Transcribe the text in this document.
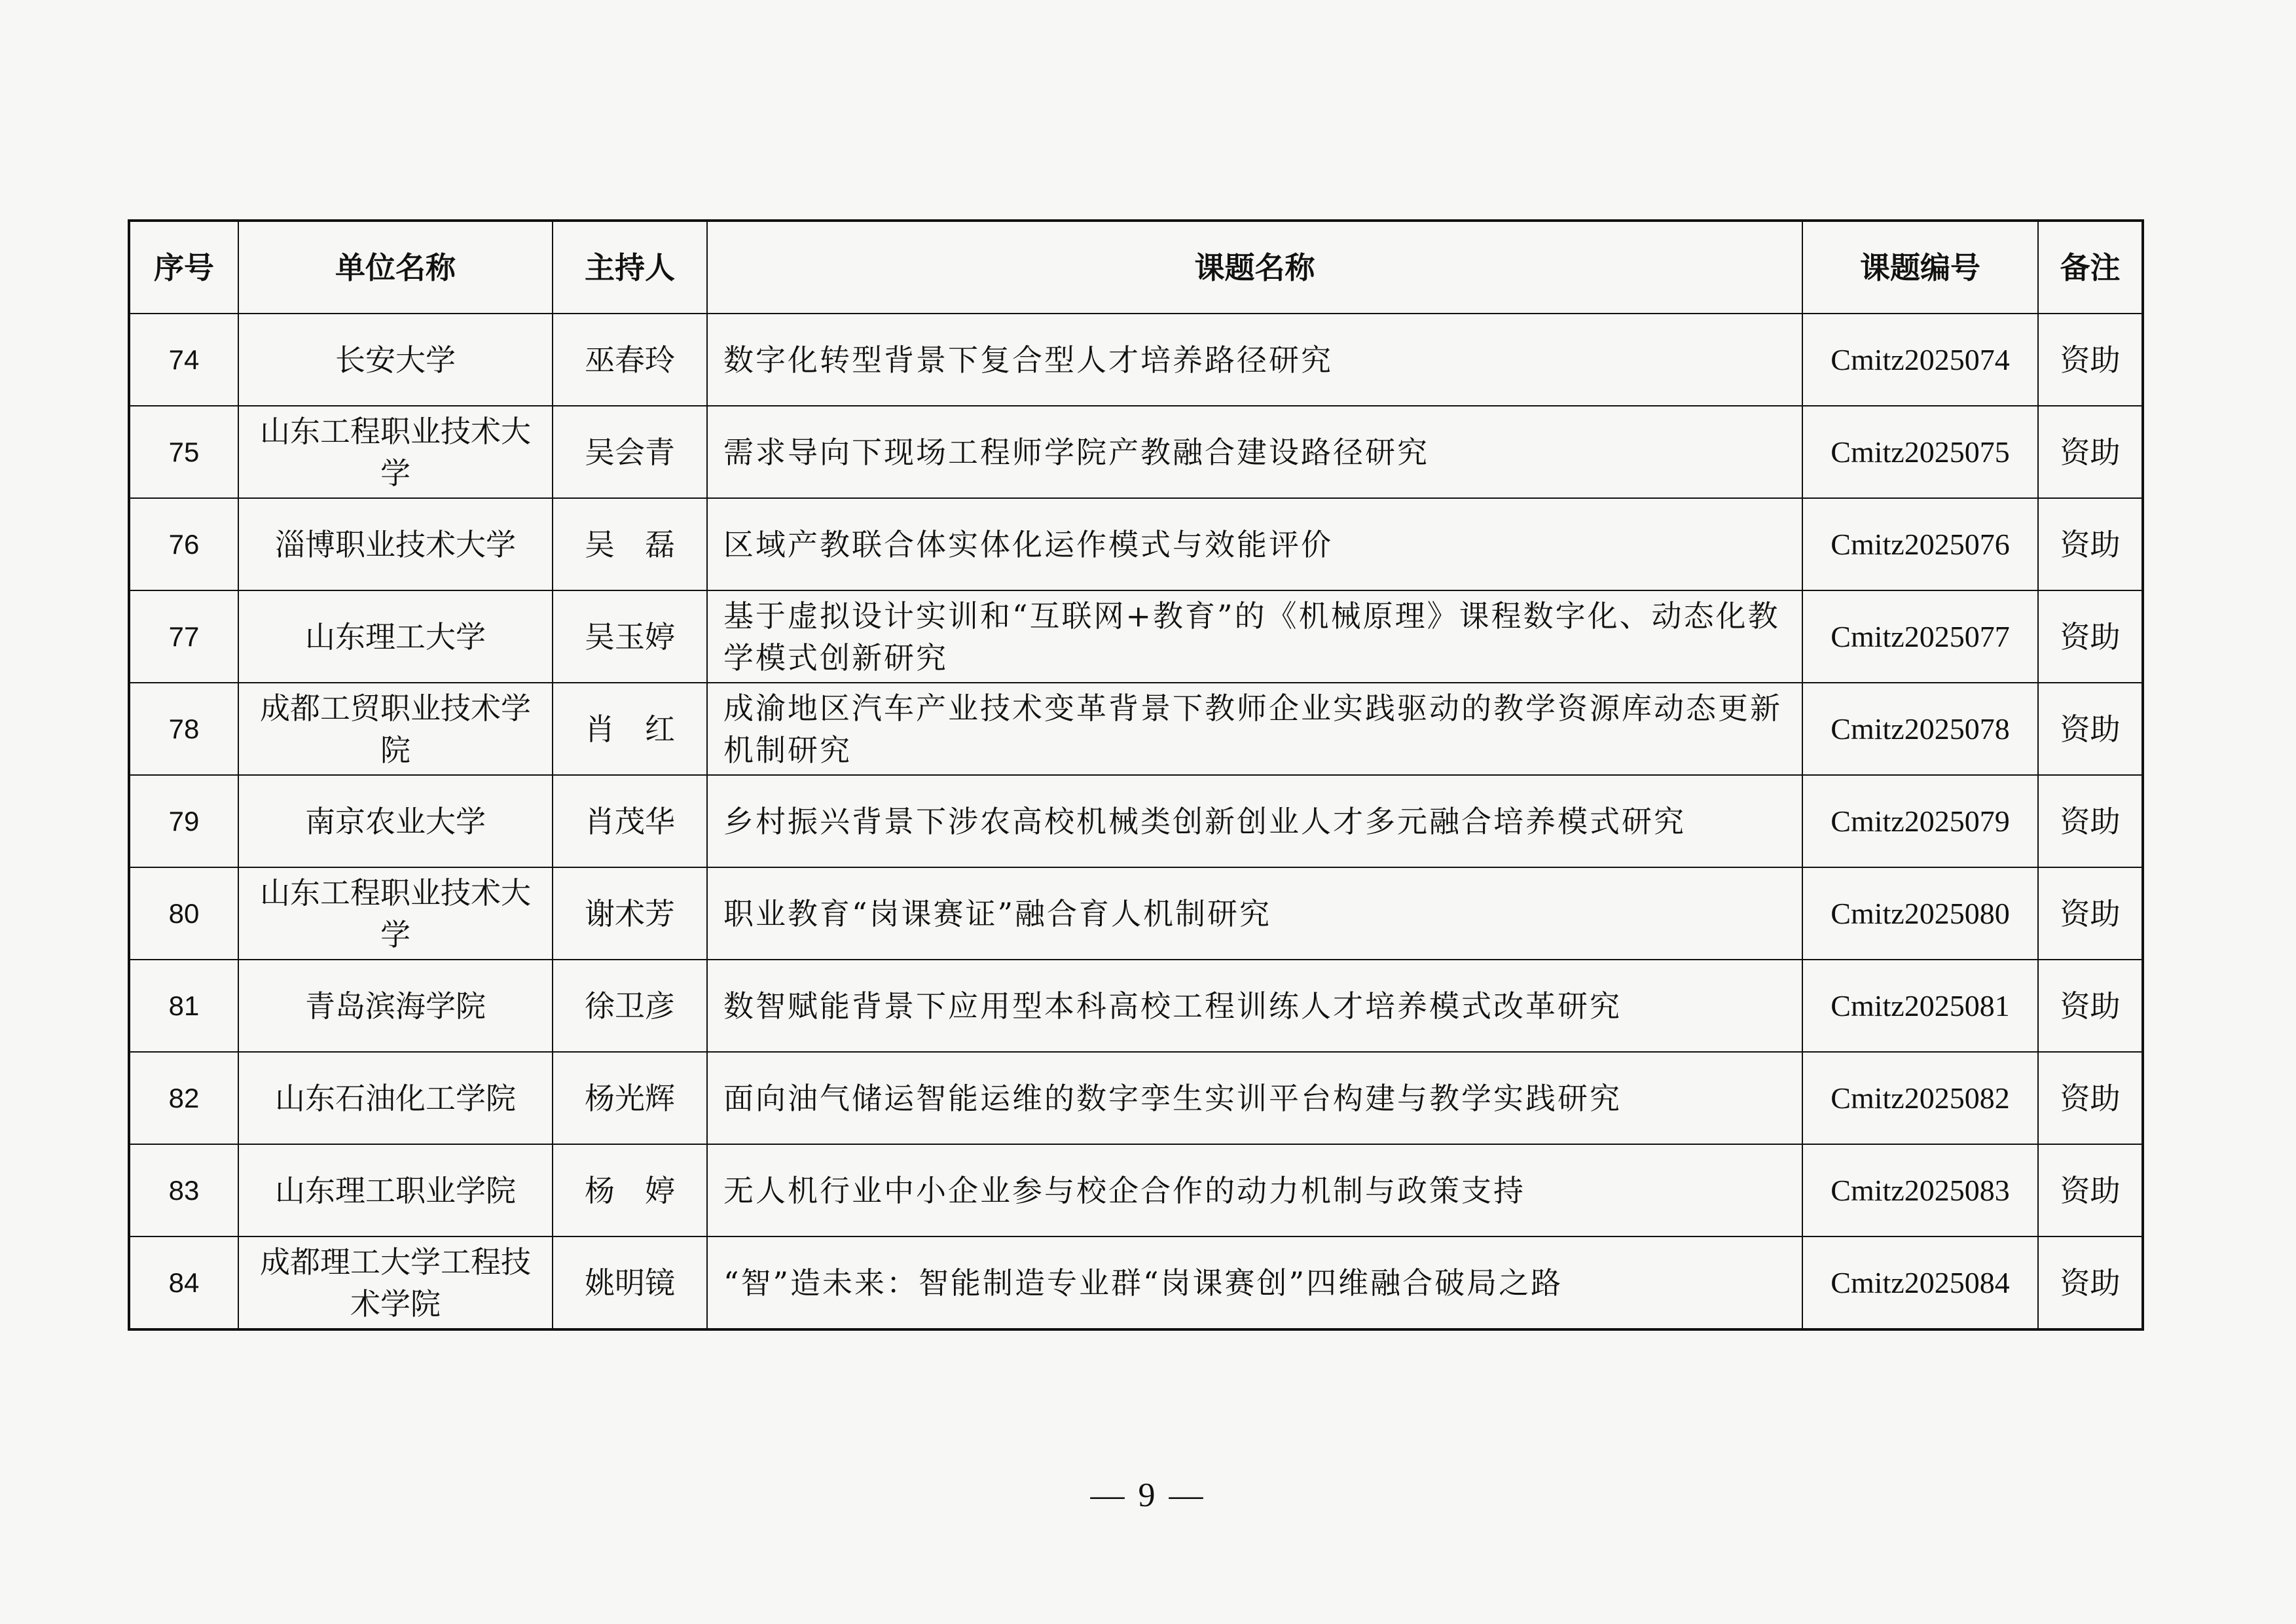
序号	单位名称	主持人	课题名称	课题编号	备注
74	长安大学	巫春玲	数字化转型背景下复合型人才培养路径研究	Cmitz2025074	资助
75	山东工程职业技术大学	吴会青	需求导向下现场工程师学院产教融合建设路径研究	Cmitz2025075	资助
76	淄博职业技术大学	吴　磊	区域产教联合体实体化运作模式与效能评价	Cmitz2025076	资助
77	山东理工大学	吴玉婷	基于虚拟设计实训和“互联网+教育”的《机械原理》课程数字化、动态化教学模式创新研究	Cmitz2025077	资助
78	成都工贸职业技术学院	肖　红	成渝地区汽车产业技术变革背景下教师企业实践驱动的教学资源库动态更新机制研究	Cmitz2025078	资助
79	南京农业大学	肖茂华	乡村振兴背景下涉农高校机械类创新创业人才多元融合培养模式研究	Cmitz2025079	资助
80	山东工程职业技术大学	谢术芳	职业教育“岗课赛证”融合育人机制研究	Cmitz2025080	资助
81	青岛滨海学院	徐卫彦	数智赋能背景下应用型本科高校工程训练人才培养模式改革研究	Cmitz2025081	资助
82	山东石油化工学院	杨光辉	面向油气储运智能运维的数字孪生实训平台构建与教学实践研究	Cmitz2025082	资助
83	山东理工职业学院	杨　婷	无人机行业中小企业参与校企合作的动力机制与政策支持	Cmitz2025083	资助
84	成都理工大学工程技术学院	姚明镜	“智”造未来：智能制造专业群“岗课赛创”四维融合破局之路	Cmitz2025084	资助
— 9 —
